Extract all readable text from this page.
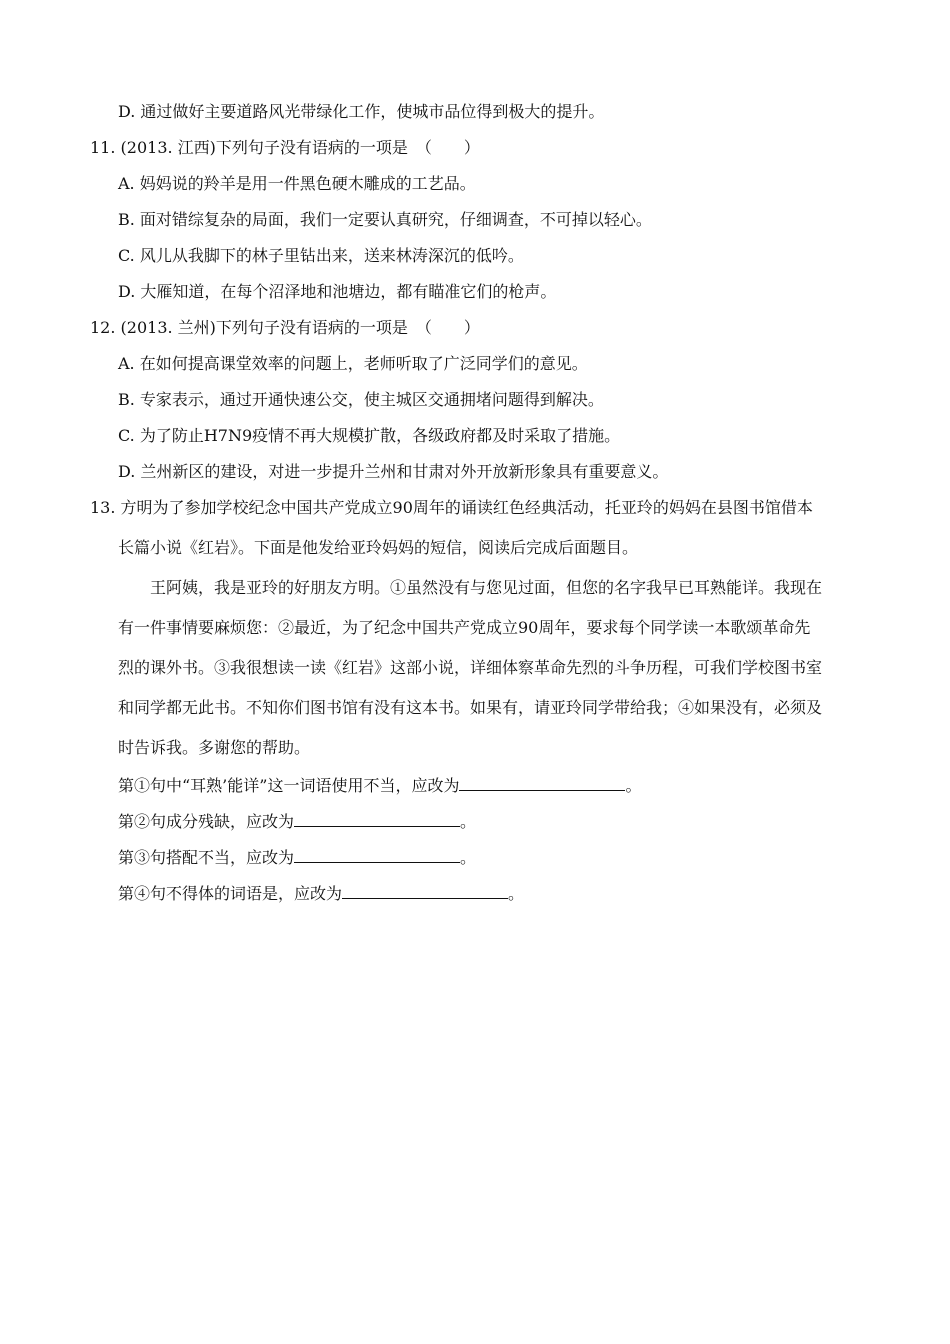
D. 通过做好主要道路风光带绿化工作，使城市品位得到极大的提升。
11. (2013. 江西)下列句子没有语病的一项是　（　　）
A. 妈妈说的羚羊是用一件黑色硬木雕成的工艺品。
B. 面对错综复杂的局面，我们一定要认真研究，仔细调查，不可掉以轻心。
C. 风儿从我脚下的林子里钻出来，送来林涛深沉的低吟。
D. 大雁知道，在每个沼泽地和池塘边，都有瞄准它们的枪声。
12. (2013. 兰州)下列句子没有语病的一项是　（　　）
A. 在如何提高课堂效率的问题上，老师听取了广泛同学们的意见。
B. 专家表示，通过开通快速公交，使主城区交通拥堵问题得到解决。
C. 为了防止H7N9疫情不再大规模扩散，各级政府都及时采取了措施。
D. 兰州新区的建设，对进一步提升兰州和甘肃对外开放新形象具有重要意义。
13. 方明为了参加学校纪念中国共产党成立90周年的诵读红色经典活动，托亚玲的妈妈在县图书馆借本
长篇小说《红岩》。下面是他发给亚玲妈妈的短信，阅读后完成后面题目。
王阿姨，我是亚玲的好朋友方明。①虽然没有与您见过面，但您的名字我早已耳熟能详。我现在
有一件事情要麻烦您：②最近，为了纪念中国共产党成立90周年，要求每个同学读一本歌颂革命先
烈的课外书。③我很想读一读《红岩》这部小说，详细体察革命先烈的斗争历程，可我们学校图书室
和同学都无此书。不知你们图书馆有没有这本书。如果有，请亚玲同学带给我；④如果没有，必须及
时告诉我。多谢您的帮助。
第①句中“耳熟’能详”这一词语使用不当，应改为	。
第②句成分残缺，应改为	。
第③句搭配不当，应改为	。
第④句不得体的词语是，应改为	。
